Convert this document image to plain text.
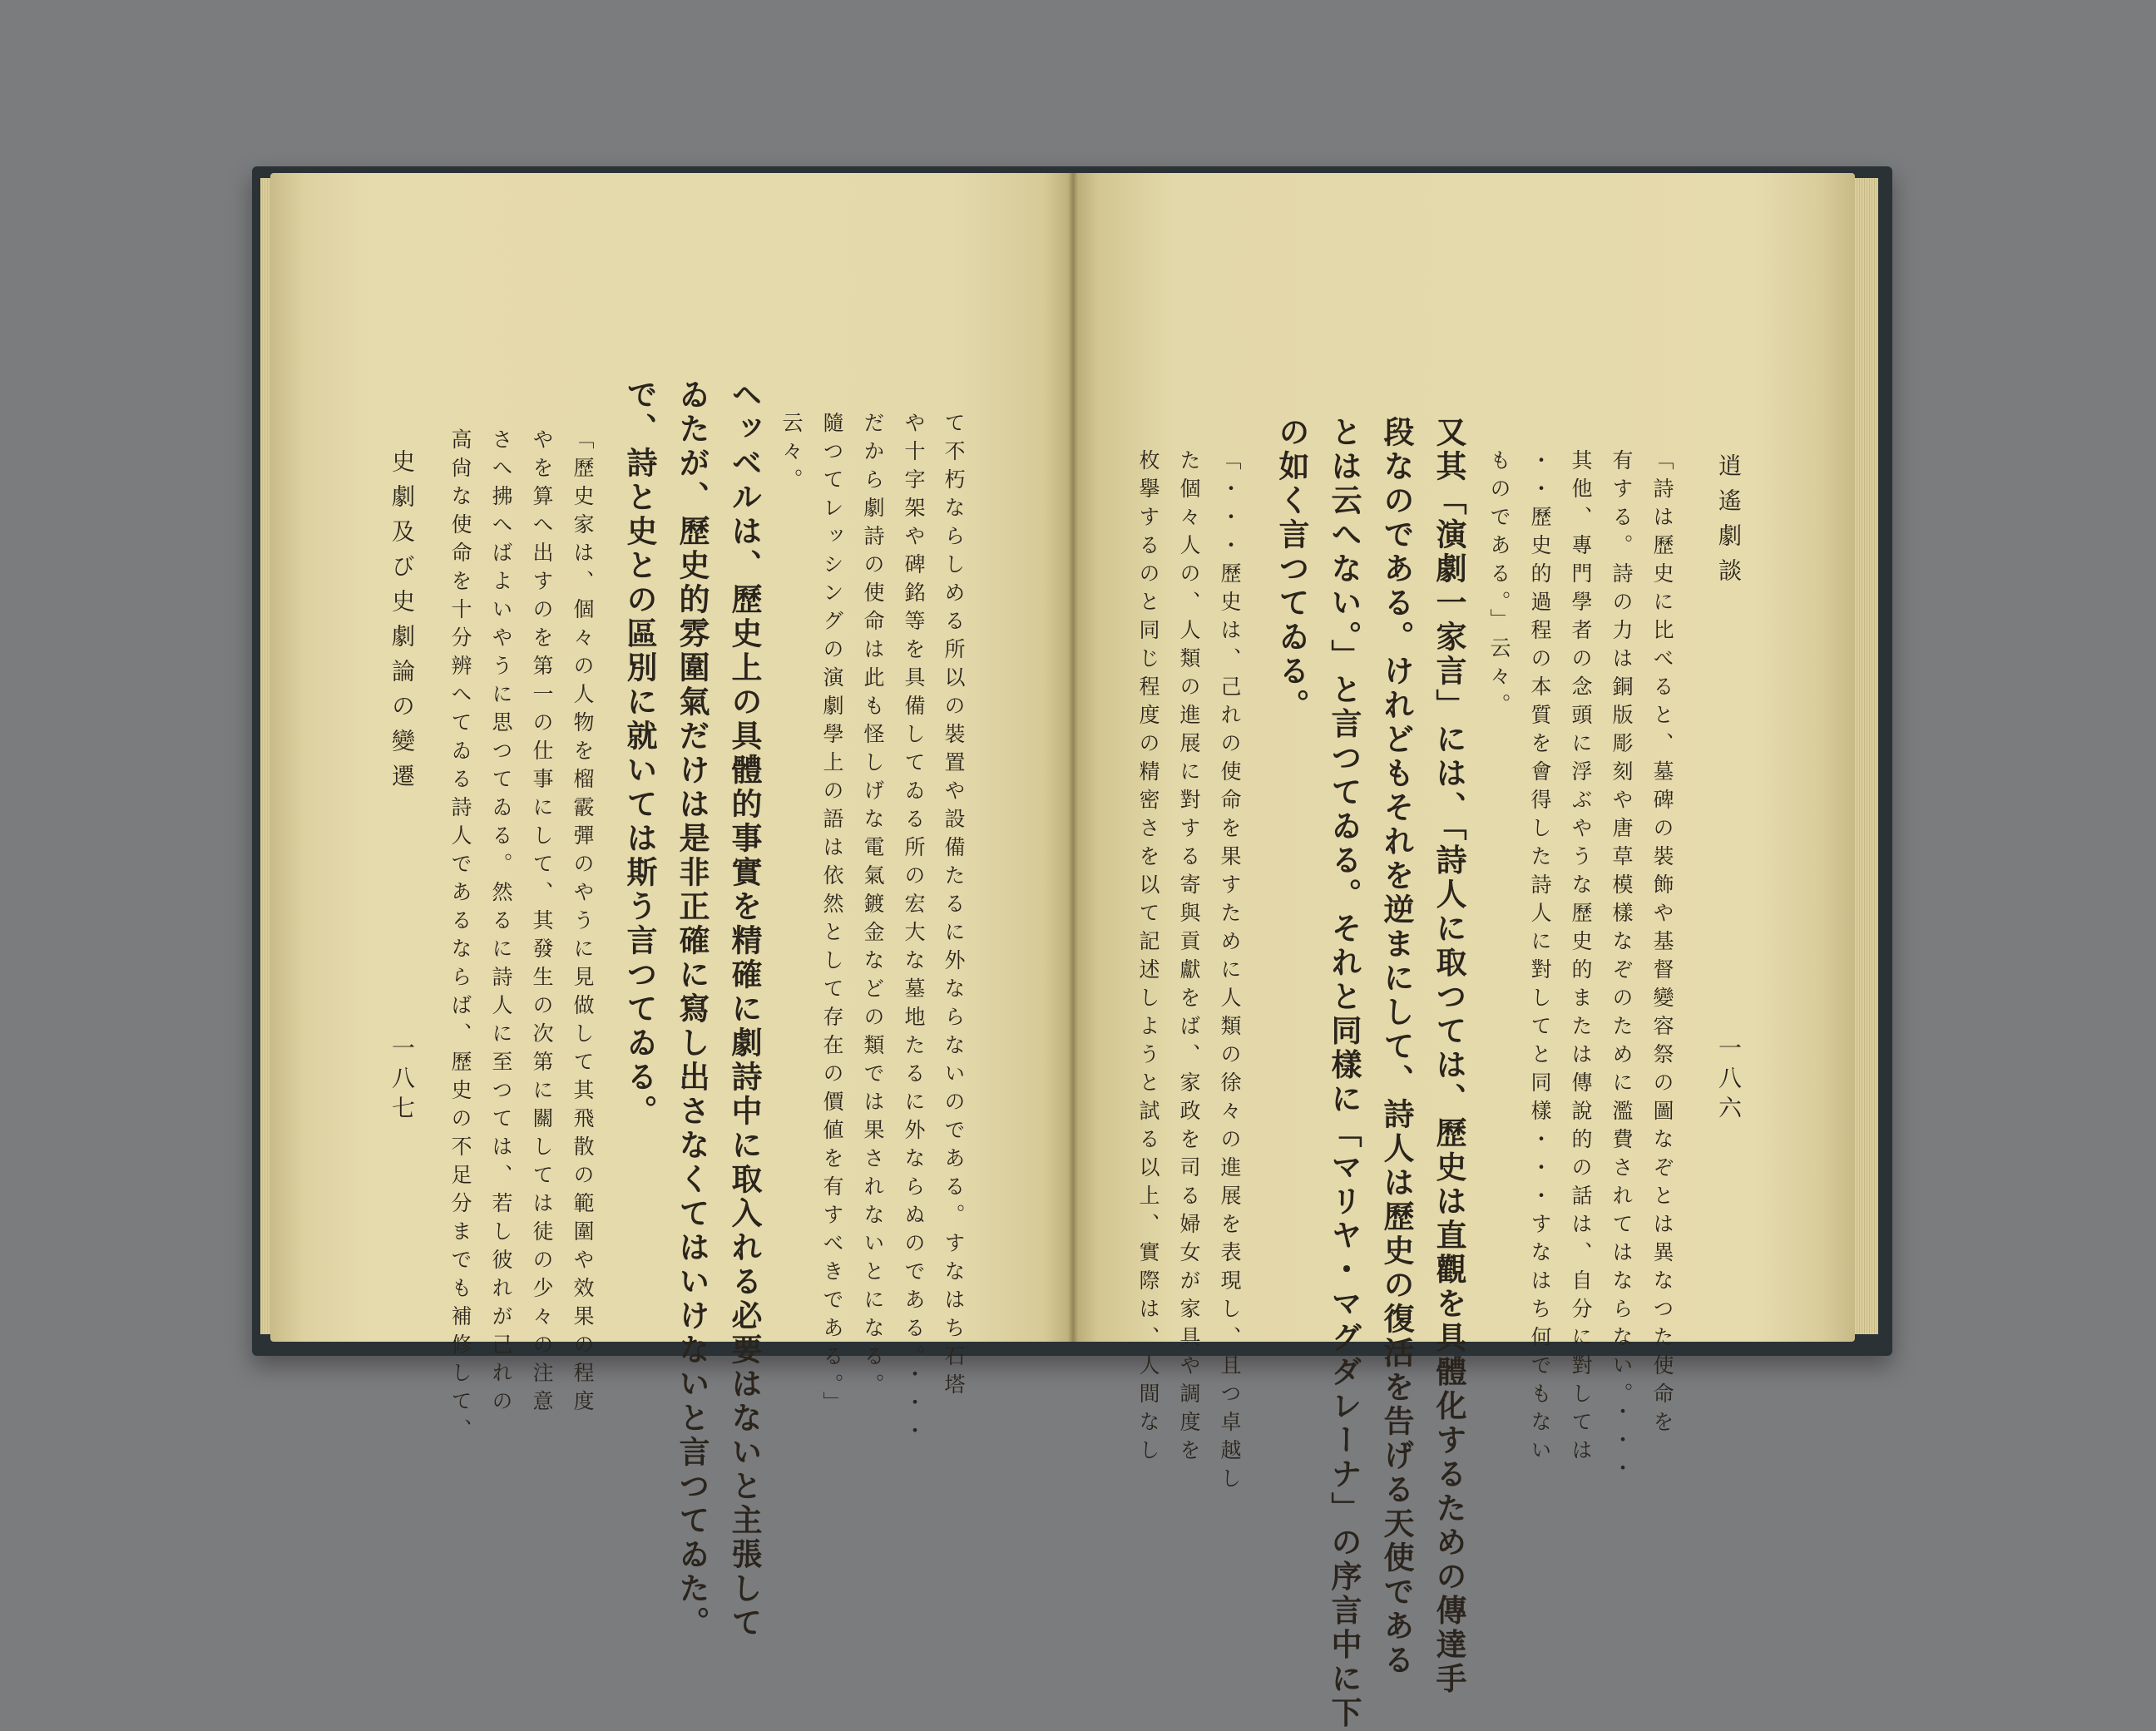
て不朽ならしめる所以の裝置や設備たるに外ならないのである。すなはち石塔
や十字架や碑銘等を具備してゐる所の宏大な墓地たるに外ならぬのである。・・・
だから劇詩の使命は此も怪しげな電氣鍍金などの類では果されないとになる。
隨つてレッシングの演劇學上の語は依然として存在の價値を有すべきである。」
云々。
ヘッベルは、歷史上の具體的事實を精確に劇詩中に取入れる必要はないと主張して
ゐたが、歷史的雰圍氣だけは是非正確に寫し出さなくてはいけないと言つてゐた。
で、詩と史との區別に就いては斯う言つてゐる。
「歷史家は、個々の人物を榴霰彈のやうに見做して其飛散の範圍や效果の程度
やを算へ出すのを第一の仕事にして、其發生の次第に關しては徒の少々の注意
さへ拂へばよいやうに思つてゐる。然るに詩人に至つては、若し彼れが己れの
高尙な使命を十分辨へてゐる詩人であるならば、歷史の不足分までも補修して、
史劇及び史劇論の變遷
一八七
逍遙劇談
一八六
「詩は歷史に比べると、墓碑の裝飾や基督變容祭の圖なぞとは異なつた使命を
有する。詩の力は銅版彫刻や唐草模樣なぞのために濫費されてはならない。・・・
其他、專門學者の念頭に浮ぶやうな歷史的または傳說的の話は、自分に對しては
・・歷史的過程の本質を會得した詩人に對してと同樣・・・すなはち何でもない
ものである。」云々。
又其「演劇一家言」には、「詩人に取つては、歷史は直觀を具體化するための傳達手
段なのである。けれどもそれを逆まにして、詩人は歷史の復活を告げる天使である
とは云へない。」と言つてゐる。それと同樣に「マリヤ・マグダレーナ」の序言中に下
の如く言つてゐる。
「・・・歷史は、己れの使命を果すために人類の徐々の進展を表現し、且つ卓越し
た個々人の、人類の進展に對する寄與貢獻をば、家政を司る婦女が家具や調度を
枚擧するのと同じ程度の精密さを以て記述しようと試る以上、實際は、人間なし
